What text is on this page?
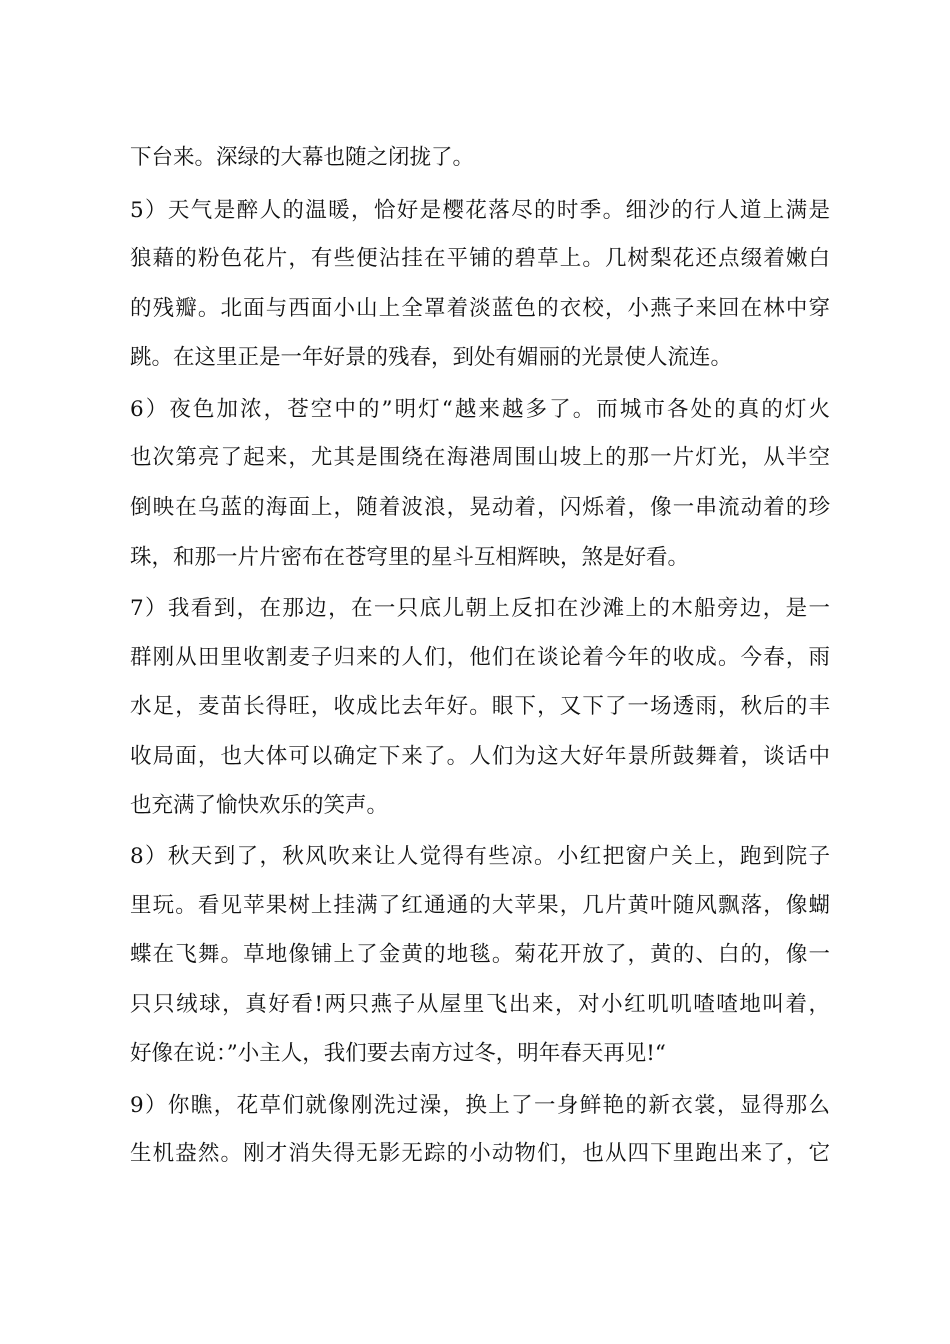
下台来。深绿的大幕也随之闭拢了。
5）天气是醉人的温暖，恰好是樱花落尽的时季。细沙的行人道上满是
狼藉的粉色花片，有些便沾挂在平铺的碧草上。几树梨花还点缀着嫩白
的残瓣。北面与西面小山上全罩着淡蓝色的衣校，小燕子来回在林中穿
跳。在这里正是一年好景的残春，到处有媚丽的光景使人流连。
6）夜色加浓，苍空中的”明灯“越来越多了。而城市各处的真的灯火
也次第亮了起来，尤其是围绕在海港周围山坡上的那一片灯光，从半空
倒映在乌蓝的海面上，随着波浪，晃动着，闪烁着，像一串流动着的珍
珠，和那一片片密布在苍穹里的星斗互相辉映，煞是好看。
7）我看到，在那边，在一只底儿朝上反扣在沙滩上的木船旁边，是一
群刚从田里收割麦子归来的人们，他们在谈论着今年的收成。今春，雨
水足，麦苗长得旺，收成比去年好。眼下，又下了一场透雨，秋后的丰
收局面，也大体可以确定下来了。人们为这大好年景所鼓舞着，谈话中
也充满了愉快欢乐的笑声。
8）秋天到了，秋风吹来让人觉得有些凉。小红把窗户关上，跑到院子
里玩。看见苹果树上挂满了红通通的大苹果，几片黄叶随风飘落，像蝴
蝶在飞舞。草地像铺上了金黄的地毯。菊花开放了，黄的、白的，像一
只只绒球，真好看!两只燕子从屋里飞出来，对小红叽叽喳喳地叫着，
好像在说：”小主人，我们要去南方过冬，明年春天再见!“
9）你瞧，花草们就像刚洗过澡，换上了一身鲜艳的新衣裳，显得那么
生机盎然。刚才消失得无影无踪的小动物们，也从四下里跑出来了，它
